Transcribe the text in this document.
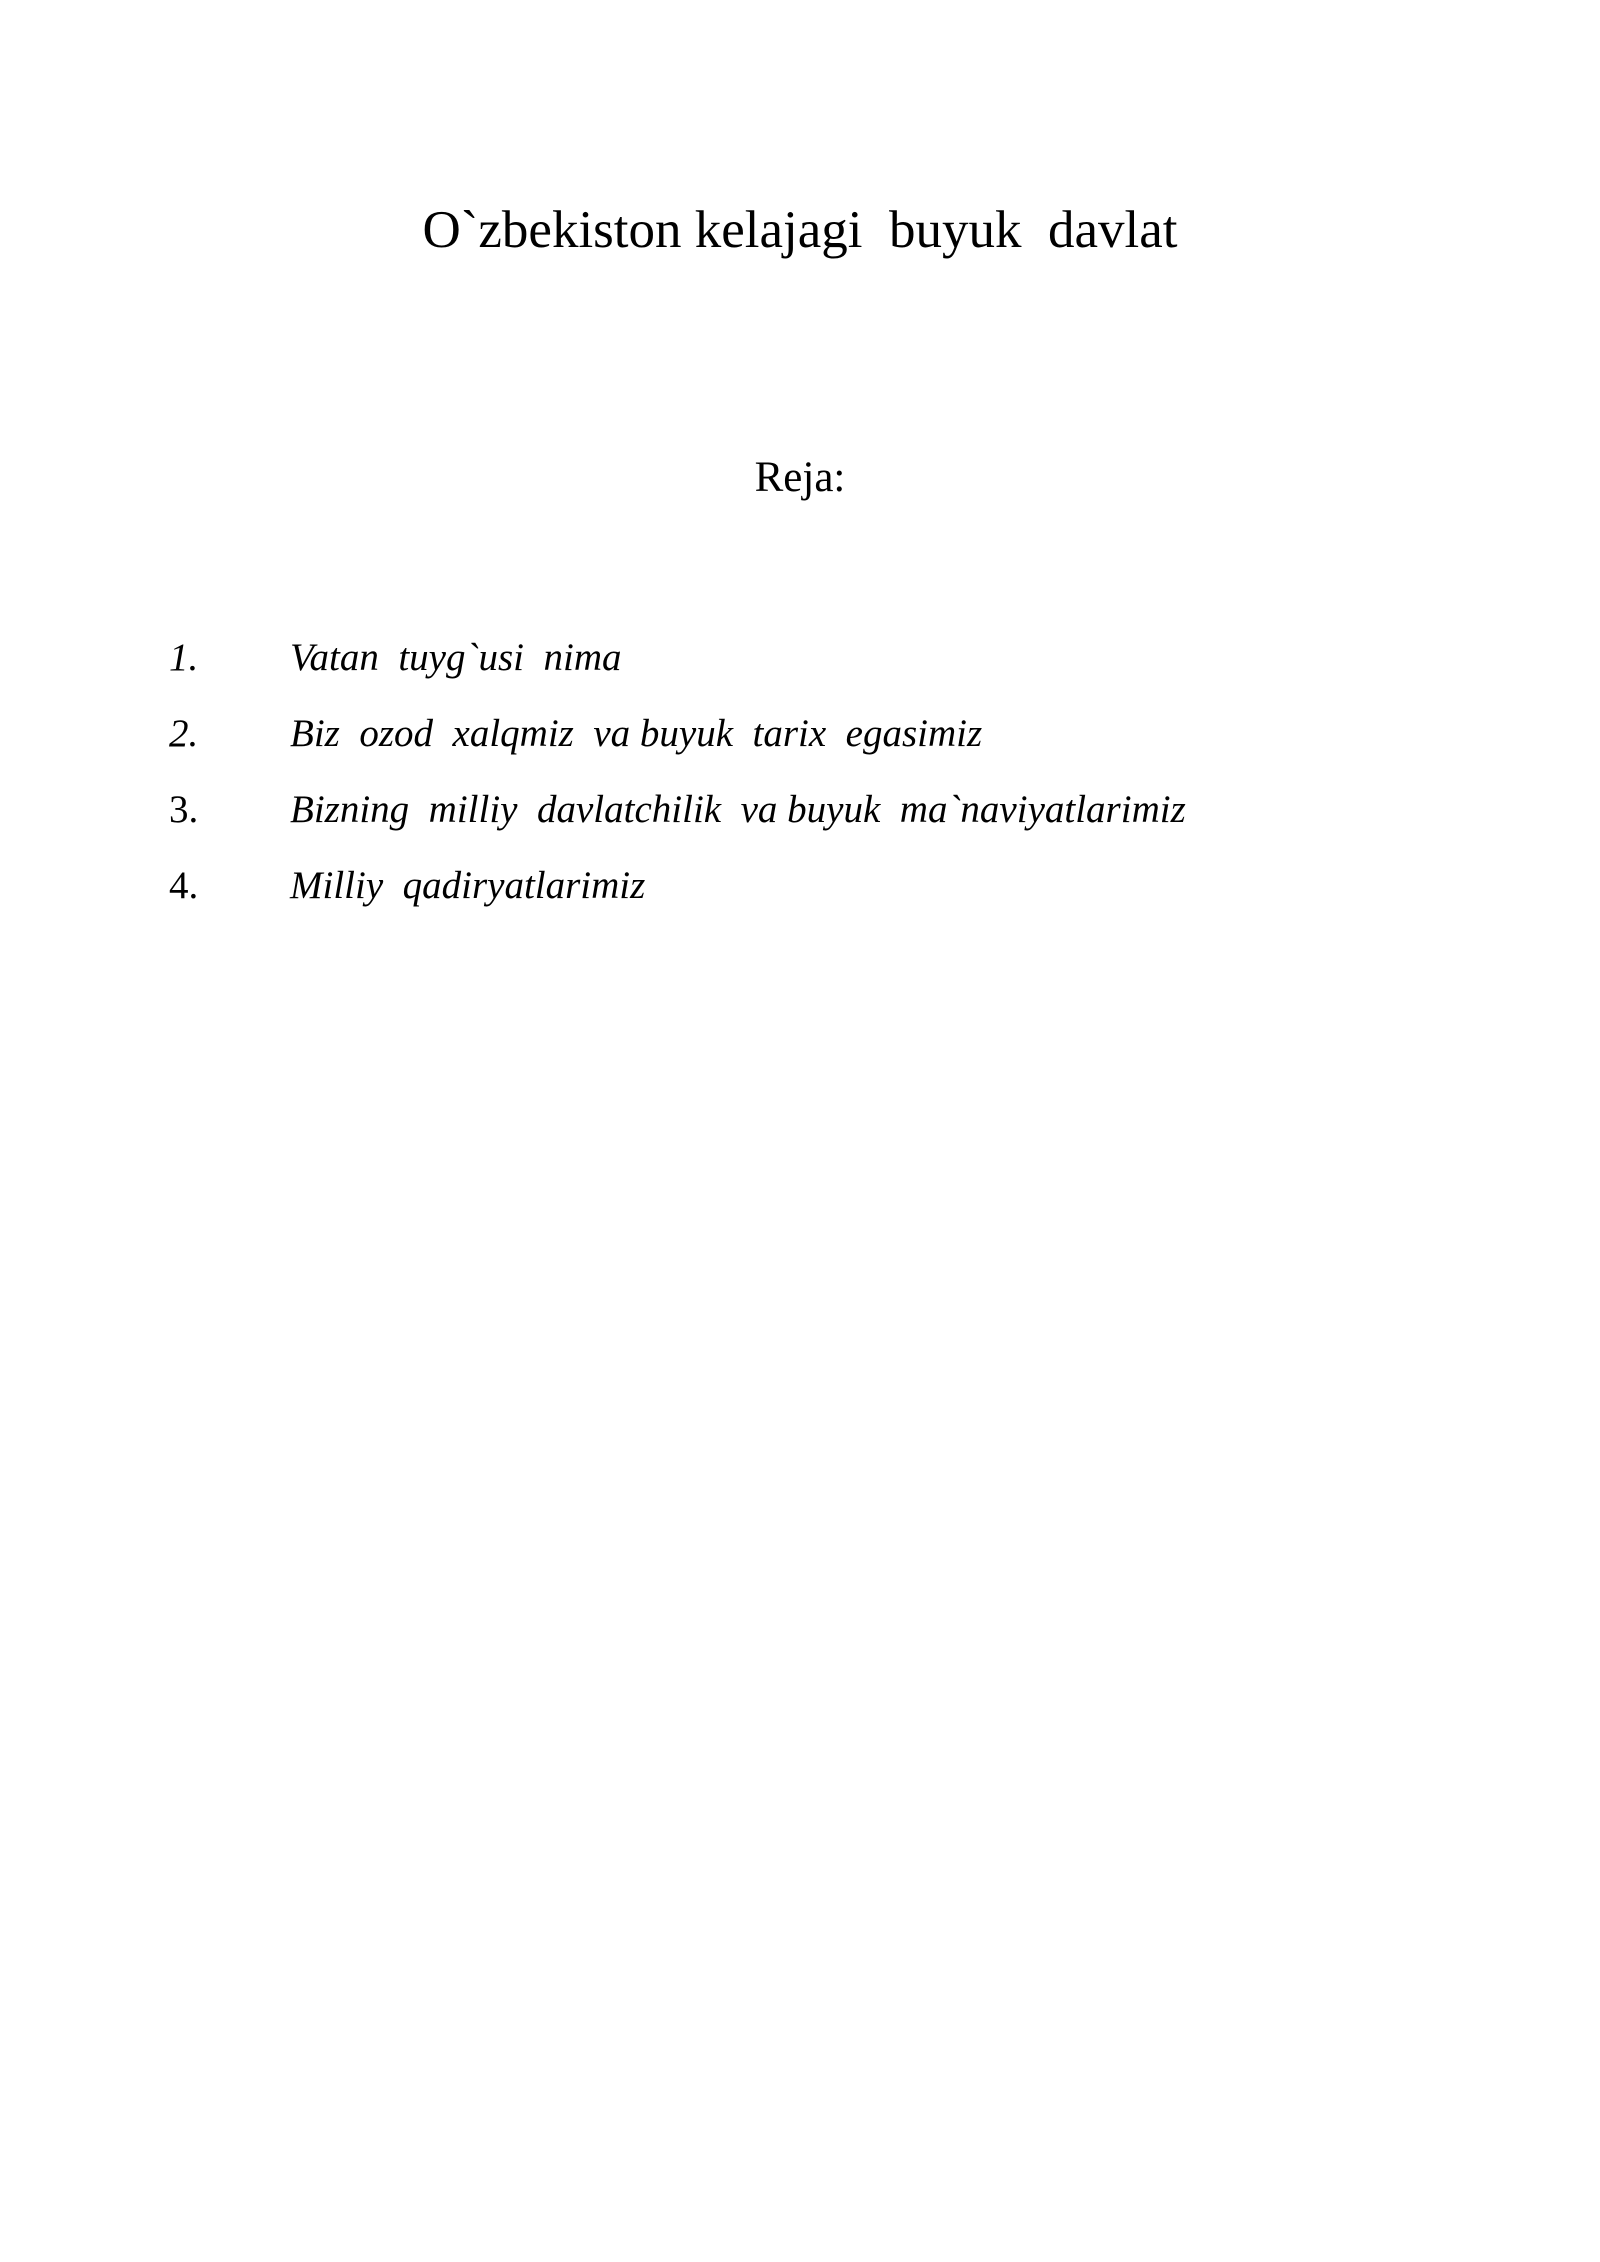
O`zbekiston kelajagi  buyuk  davlat
Reja:
1. Vatan  tuyg`usi  nima
2. Biz  ozod  xalqmiz  va buyuk  tarix  egasimiz
3. Bizning  milliy  davlatchilik  va buyuk  ma`naviyatlarimiz
4. Milliy  qadiryatlarimiz
